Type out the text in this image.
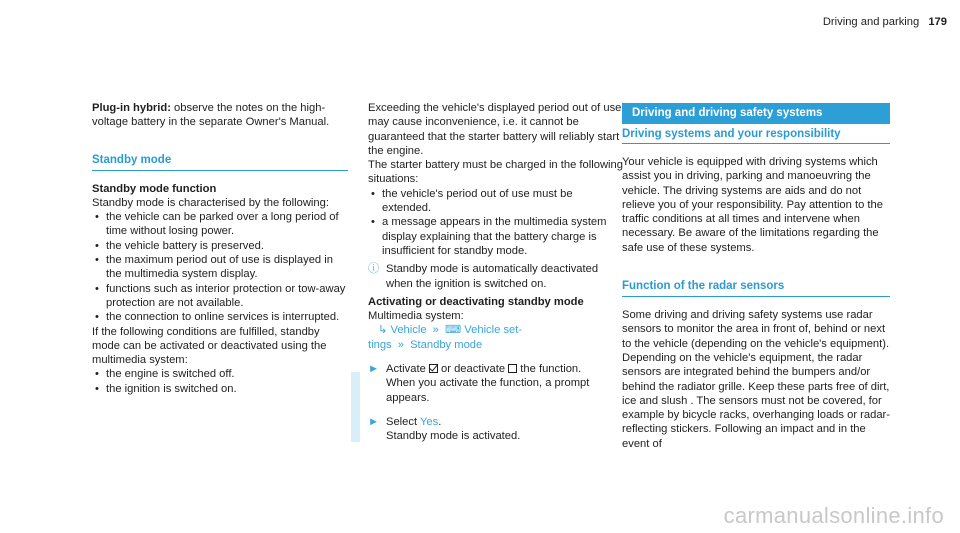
Driving and parking 179

Plug-in hybrid: observe the notes on the high-voltage battery in the separate Owner's Manual.

Standby mode

Standby mode function

Standby mode is characterised by the following:

• the vehicle can be parked over a long period of time without losing power.
• the vehicle battery is preserved.
• the maximum period out of use is displayed in the multimedia system display.
• functions such as interior protection or tow-away protection are not available.
• the connection to online services is interrupted.

If the following conditions are fulfilled, standby mode can be activated or deactivated using the multimedia system:

• the engine is switched off.
• the ignition is switched on.

Exceeding the vehicle's displayed period out of use may cause inconvenience, i.e. it cannot be guaranteed that the starter battery will reliably start the engine.

The starter battery must be charged in the following situations:

• the vehicle's period out of use must be extended.
• a message appears in the multimedia system display explaining that the battery charge is insufficient for standby mode.
ⓘ Standby mode is automatically deactivated when the ignition is switched on.

Activating or deactivating standby mode

Multimedia system:

↳ Vehicle » ⌨ Vehicle set-

tings » Standby mode

► Activate  or deactivate  the function.
When you activate the function, a prompt appears.
► Select Yes.
Standby mode is activated.
Driving and driving safety systems
Driving systems and your responsibility

Your vehicle is equipped with driving systems which assist you in driving, parking and manoeuvring the vehicle. The driving systems are aids and do not relieve you of your responsibility. Pay attention to the traffic conditions at all times and intervene when necessary. Be aware of the limitations regarding the safe use of these systems.

Function of the radar sensors

Some driving and driving safety systems use radar sensors to monitor the area in front of, behind or next to the vehicle (depending on the vehicle's equipment).

Depending on the vehicle's equipment, the radar sensors are integrated behind the bumpers and/or behind the radiator grille. Keep these parts free of dirt, ice and slush . The sensors must not be covered, for example by bicycle racks, overhanging loads or radar-reflecting stickers. Following an impact and in the event of

carmanualsonline.info
